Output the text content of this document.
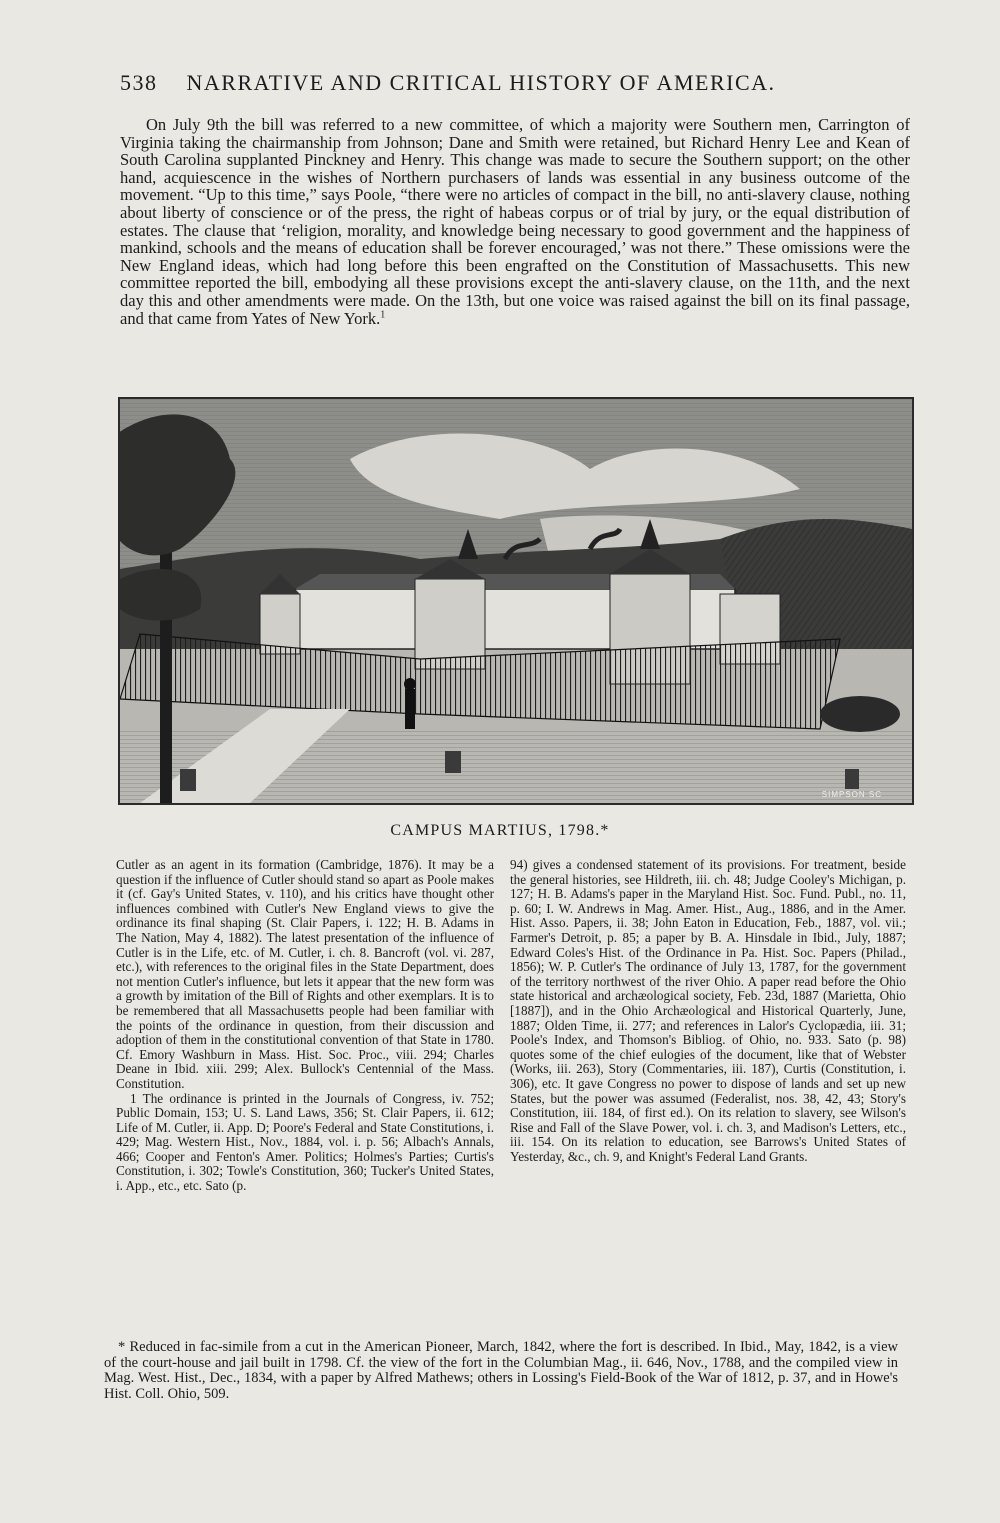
538 NARRATIVE AND CRITICAL HISTORY OF AMERICA.
On July 9th the bill was referred to a new committee, of which a majority were Southern men, Carrington of Virginia taking the chairmanship from Johnson; Dane and Smith were retained, but Richard Henry Lee and Kean of South Carolina supplanted Pinckney and Henry. This change was made to secure the Southern support; on the other hand, acquiescence in the wishes of Northern purchasers of lands was essential in any business outcome of the movement. “Up to this time,” says Poole, “there were no articles of compact in the bill, no anti-slavery clause, nothing about liberty of conscience or of the press, the right of habeas corpus or of trial by jury, or the equal distribution of estates. The clause that ‘religion, morality, and knowledge being necessary to good government and the happiness of mankind, schools and the means of education shall be forever encouraged,’ was not there.” These omissions were the New England ideas, which had long before this been engrafted on the Constitution of Massachusetts. This new committee reported the bill, embodying all these provisions except the anti-slavery clause, on the 11th, and the next day this and other amendments were made. On the 13th, but one voice was raised against the bill on its final passage, and that came from Yates of New York.$^1$
SIMPSON SC
CAMPUS MARTIUS, 1798.*
Cutler as an agent in its formation (Cambridge, 1876). It may be a question if the influence of Cutler should stand so apart as Poole makes it (cf. Gay's United States, v. 110), and his critics have thought other influences combined with Cutler's New England views to give the ordinance its final shaping (St. Clair Papers, i. 122; H. B. Adams in The Nation, May 4, 1882). The latest presentation of the influence of Cutler is in the Life, etc. of M. Cutler, i. ch. 8. Bancroft (vol. vi. 287, etc.), with references to the original files in the State Department, does not mention Cutler's influence, but lets it appear that the new form was a growth by imitation of the Bill of Rights and other exemplars. It is to be remembered that all Massachusetts people had been familiar with the points of the ordinance in question, from their discussion and adoption of them in the constitutional convention of that State in 1780. Cf. Emory Washburn in Mass. Hist. Soc. Proc., viii. 294; Charles Deane in Ibid. xiii. 299; Alex. Bullock's Centennial of the Mass. Constitution.
1 The ordinance is printed in the Journals of Congress, iv. 752; Public Domain, 153; U. S. Land Laws, 356; St. Clair Papers, ii. 612; Life of M. Cutler, ii. App. D; Poore's Federal and State Constitutions, i. 429; Mag. Western Hist., Nov., 1884, vol. i. p. 56; Albach's Annals, 466; Cooper and Fenton's Amer. Politics; Holmes's Parties; Curtis's Constitution, i. 302; Towle's Constitution, 360; Tucker's United States, i. App., etc., etc. Sato (p.
94) gives a condensed statement of its provisions. For treatment, beside the general histories, see Hildreth, iii. ch. 48; Judge Cooley's Michigan, p. 127; H. B. Adams's paper in the Maryland Hist. Soc. Fund. Publ., no. 11, p. 60; I. W. Andrews in Mag. Amer. Hist., Aug., 1886, and in the Amer. Hist. Asso. Papers, ii. 38; John Eaton in Education, Feb., 1887, vol. vii.; Farmer's Detroit, p. 85; a paper by B. A. Hinsdale in Ibid., July, 1887; Edward Coles's Hist. of the Ordinance in Pa. Hist. Soc. Papers (Philad., 1856); W. P. Cutler's The ordinance of July 13, 1787, for the government of the territory northwest of the river Ohio. A paper read before the Ohio state historical and archæological society, Feb. 23d, 1887 (Marietta, Ohio [1887]), and in the Ohio Archæological and Historical Quarterly, June, 1887; Olden Time, ii. 277; and references in Lalor's Cyclopædia, iii. 31; Poole's Index, and Thomson's Bibliog. of Ohio, no. 933. Sato (p. 98) quotes some of the chief eulogies of the document, like that of Webster (Works, iii. 263), Story (Commentaries, iii. 187), Curtis (Constitution, i. 306), etc. It gave Congress no power to dispose of lands and set up new States, but the power was assumed (Federalist, nos. 38, 42, 43; Story's Constitution, iii. 184, of first ed.). On its relation to slavery, see Wilson's Rise and Fall of the Slave Power, vol. i. ch. 3, and Madison's Letters, etc., iii. 154. On its relation to education, see Barrows's United States of Yesterday, &c., ch. 9, and Knight's Federal Land Grants.
* Reduced in fac-simile from a cut in the American Pioneer, March, 1842, where the fort is described. In Ibid., May, 1842, is a view of the court-house and jail built in 1798. Cf. the view of the fort in the Columbian Mag., ii. 646, Nov., 1788, and the compiled view in Mag. West. Hist., Dec., 1834, with a paper by Alfred Mathews; others in Lossing's Field-Book of the War of 1812, p. 37, and in Howe's Hist. Coll. Ohio, 509.
